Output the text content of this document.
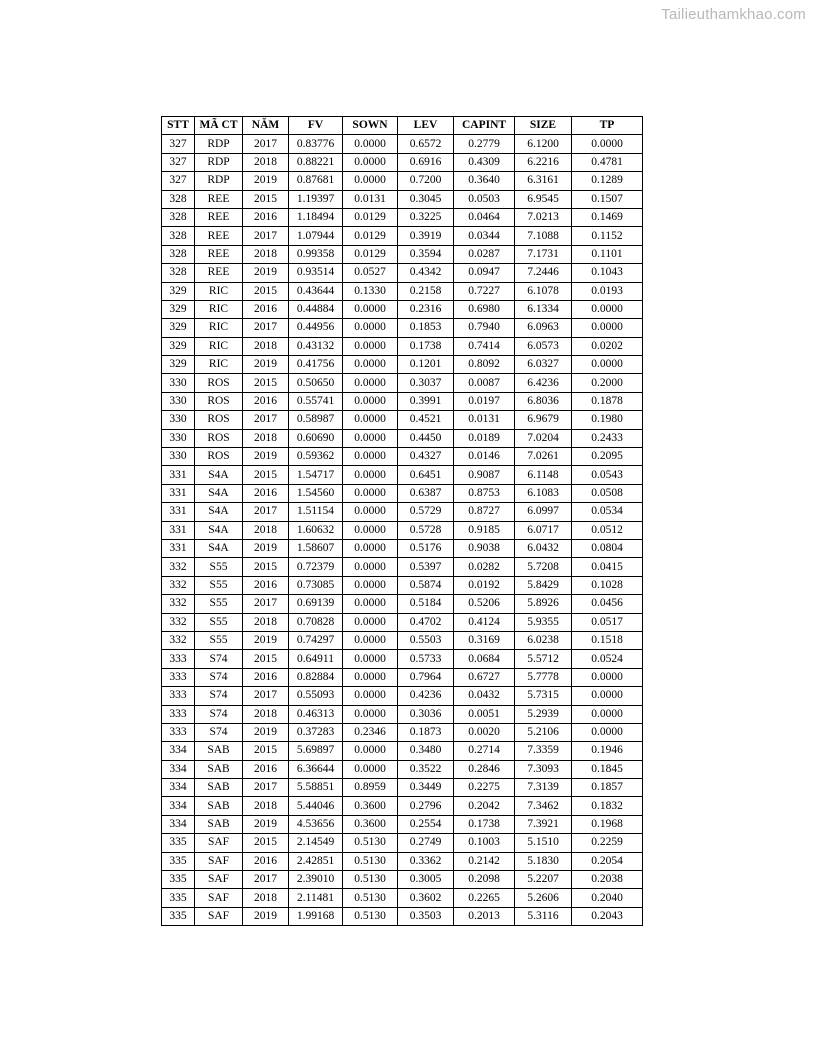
Tailieuthamkhao.com
STT	MÃ CT	NĂM	FV	SOWN	LEV	CAPINT	SIZE	TP
327	RDP	2017	0.83776	0.0000	0.6572	0.2779	6.1200	0.0000
327	RDP	2018	0.88221	0.0000	0.6916	0.4309	6.2216	0.4781
327	RDP	2019	0.87681	0.0000	0.7200	0.3640	6.3161	0.1289
328	REE	2015	1.19397	0.0131	0.3045	0.0503	6.9545	0.1507
328	REE	2016	1.18494	0.0129	0.3225	0.0464	7.0213	0.1469
328	REE	2017	1.07944	0.0129	0.3919	0.0344	7.1088	0.1152
328	REE	2018	0.99358	0.0129	0.3594	0.0287	7.1731	0.1101
328	REE	2019	0.93514	0.0527	0.4342	0.0947	7.2446	0.1043
329	RIC	2015	0.43644	0.1330	0.2158	0.7227	6.1078	0.0193
329	RIC	2016	0.44884	0.0000	0.2316	0.6980	6.1334	0.0000
329	RIC	2017	0.44956	0.0000	0.1853	0.7940	6.0963	0.0000
329	RIC	2018	0.43132	0.0000	0.1738	0.7414	6.0573	0.0202
329	RIC	2019	0.41756	0.0000	0.1201	0.8092	6.0327	0.0000
330	ROS	2015	0.50650	0.0000	0.3037	0.0087	6.4236	0.2000
330	ROS	2016	0.55741	0.0000	0.3991	0.0197	6.8036	0.1878
330	ROS	2017	0.58987	0.0000	0.4521	0.0131	6.9679	0.1980
330	ROS	2018	0.60690	0.0000	0.4450	0.0189	7.0204	0.2433
330	ROS	2019	0.59362	0.0000	0.4327	0.0146	7.0261	0.2095
331	S4A	2015	1.54717	0.0000	0.6451	0.9087	6.1148	0.0543
331	S4A	2016	1.54560	0.0000	0.6387	0.8753	6.1083	0.0508
331	S4A	2017	1.51154	0.0000	0.5729	0.8727	6.0997	0.0534
331	S4A	2018	1.60632	0.0000	0.5728	0.9185	6.0717	0.0512
331	S4A	2019	1.58607	0.0000	0.5176	0.9038	6.0432	0.0804
332	S55	2015	0.72379	0.0000	0.5397	0.0282	5.7208	0.0415
332	S55	2016	0.73085	0.0000	0.5874	0.0192	5.8429	0.1028
332	S55	2017	0.69139	0.0000	0.5184	0.5206	5.8926	0.0456
332	S55	2018	0.70828	0.0000	0.4702	0.4124	5.9355	0.0517
332	S55	2019	0.74297	0.0000	0.5503	0.3169	6.0238	0.1518
333	S74	2015	0.64911	0.0000	0.5733	0.0684	5.5712	0.0524
333	S74	2016	0.82884	0.0000	0.7964	0.6727	5.7778	0.0000
333	S74	2017	0.55093	0.0000	0.4236	0.0432	5.7315	0.0000
333	S74	2018	0.46313	0.0000	0.3036	0.0051	5.2939	0.0000
333	S74	2019	0.37283	0.2346	0.1873	0.0020	5.2106	0.0000
334	SAB	2015	5.69897	0.0000	0.3480	0.2714	7.3359	0.1946
334	SAB	2016	6.36644	0.0000	0.3522	0.2846	7.3093	0.1845
334	SAB	2017	5.58851	0.8959	0.3449	0.2275	7.3139	0.1857
334	SAB	2018	5.44046	0.3600	0.2796	0.2042	7.3462	0.1832
334	SAB	2019	4.53656	0.3600	0.2554	0.1738	7.3921	0.1968
335	SAF	2015	2.14549	0.5130	0.2749	0.1003	5.1510	0.2259
335	SAF	2016	2.42851	0.5130	0.3362	0.2142	5.1830	0.2054
335	SAF	2017	2.39010	0.5130	0.3005	0.2098	5.2207	0.2038
335	SAF	2018	2.11481	0.5130	0.3602	0.2265	5.2606	0.2040
335	SAF	2019	1.99168	0.5130	0.3503	0.2013	5.3116	0.2043
